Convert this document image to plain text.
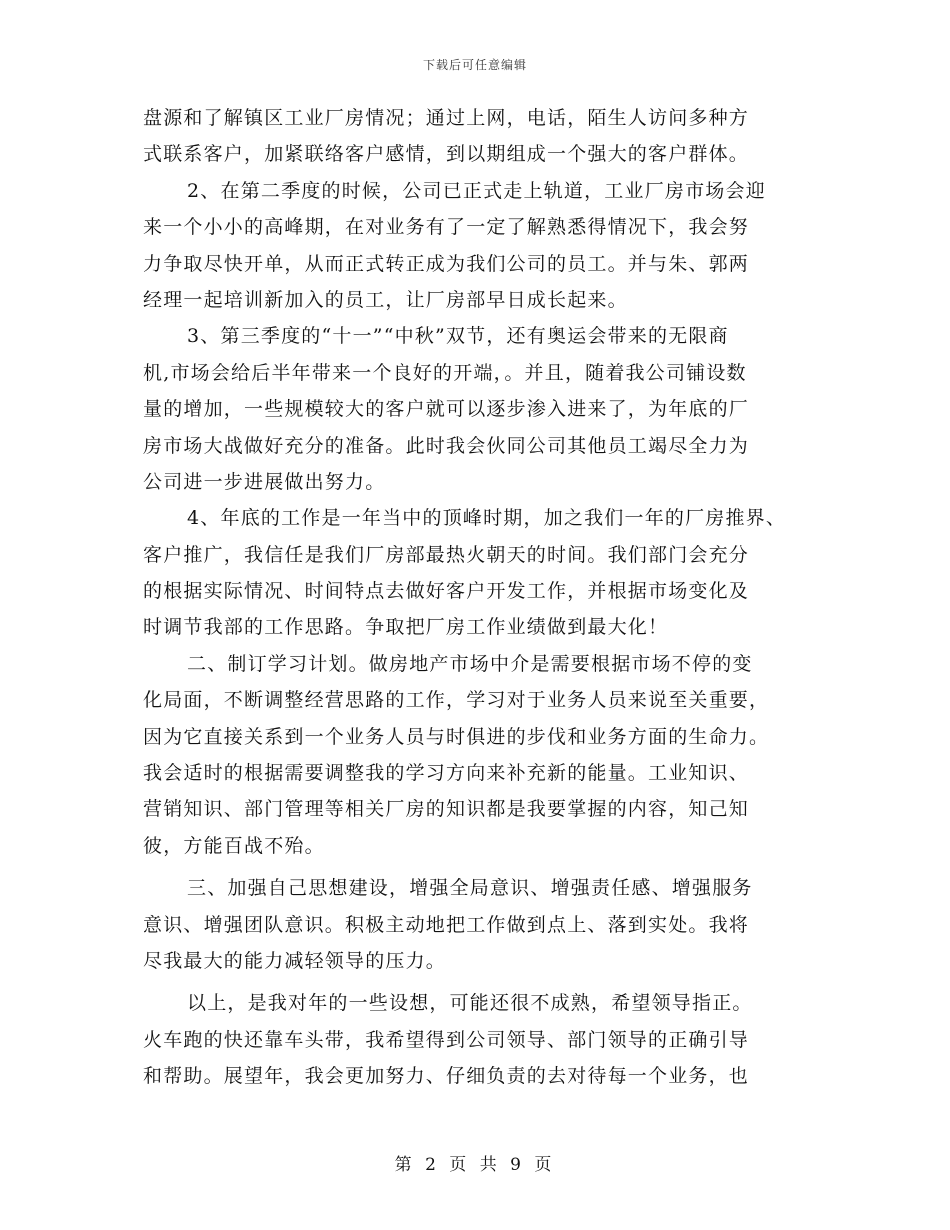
下载后可任意编辑
盘源和了解镇区工业厂房情况；通过上网，电话，陌生人访问多种方
式联系客户，加紧联络客户感情，到以期组成一个强大的客户群体。
2、在第二季度的时候，公司已正式走上轨道，工业厂房市场会迎
来一个小小的高峰期，在对业务有了一定了解熟悉得情况下，我会努
力争取尽快开单，从而正式转正成为我们公司的员工。并与朱、郭两
经理一起培训新加入的员工，让厂房部早日成长起来。
3、第三季度的“十一”“中秋”双节，还有奥运会带来的无限商
机,市场会给后半年带来一个良好的开端，。并且，随着我公司铺设数
量的增加，一些规模较大的客户就可以逐步渗入进来了，为年底的厂
房市场大战做好充分的准备。此时我会伙同公司其他员工竭尽全力为
公司进一步进展做出努力。
4、年底的工作是一年当中的顶峰时期，加之我们一年的厂房推界、
客户推广，我信任是我们厂房部最热火朝天的时间。我们部门会充分
的根据实际情况、时间特点去做好客户开发工作，并根据市场变化及
时调节我部的工作思路。争取把厂房工作业绩做到最大化！
二、制订学习计划。做房地产市场中介是需要根据市场不停的变
化局面，不断调整经营思路的工作，学习对于业务人员来说至关重要，
因为它直接关系到一个业务人员与时俱进的步伐和业务方面的生命力。
我会适时的根据需要调整我的学习方向来补充新的能量。工业知识、
营销知识、部门管理等相关厂房的知识都是我要掌握的内容，知己知
彼，方能百战不殆。
三、加强自己思想建设，增强全局意识、增强责任感、增强服务
意识、增强团队意识。积极主动地把工作做到点上、落到实处。我将
尽我最大的能力减轻领导的压力。
以上，是我对年的一些设想，可能还很不成熟，希望领导指正。
火车跑的快还靠车头带，我希望得到公司领导、部门领导的正确引导
和帮助。展望年，我会更加努力、仔细负责的去对待每一个业务，也
第 2 页 共 9 页
